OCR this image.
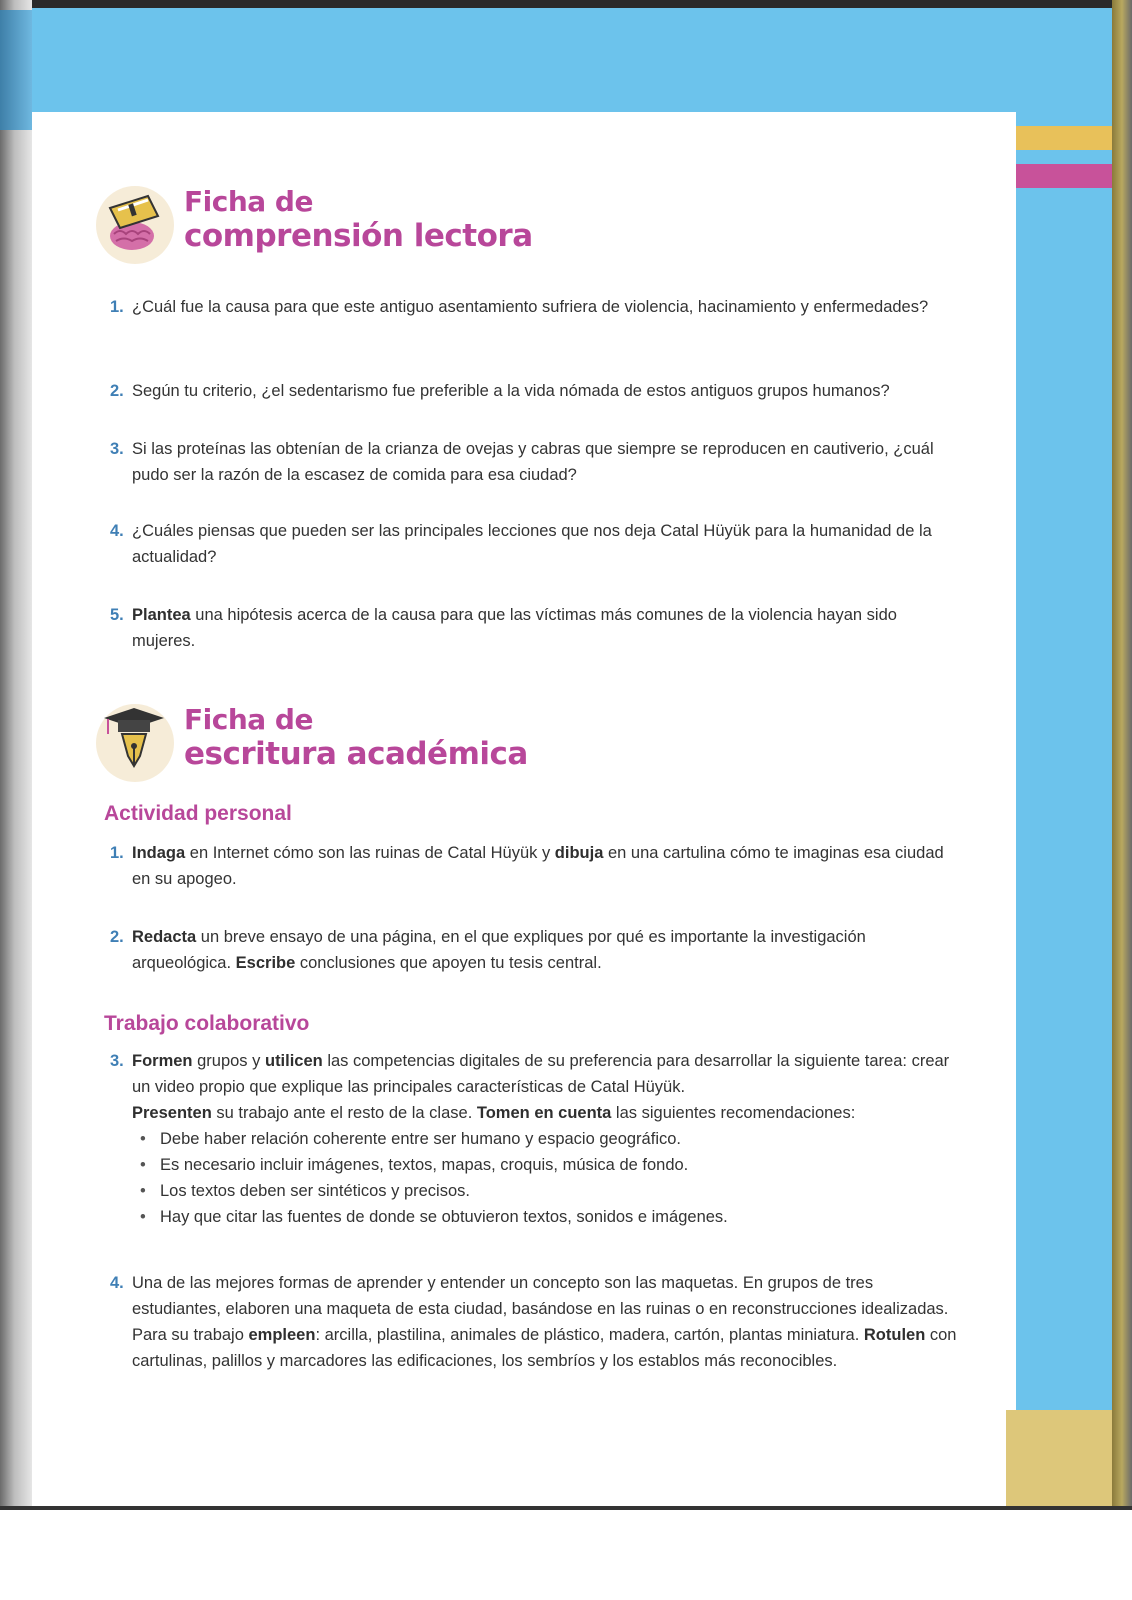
Ficha de
comprensión lectora
1. ¿Cuál fue la causa para que este antiguo asentamiento sufriera de violencia, hacinamiento y enfermedades?
2. Según tu criterio, ¿el sedentarismo fue preferible a la vida nómada de estos antiguos grupos humanos?
3. Si las proteínas las obtenían de la crianza de ovejas y cabras que siempre se reproducen en cautiverio, ¿cuál pudo ser la razón de la escasez de comida para esa ciudad?
4. ¿Cuáles piensas que pueden ser las principales lecciones que nos deja Catal Hüyük para la humanidad de la actualidad?
5. Plantea una hipótesis acerca de la causa para que las víctimas más comunes de la violencia hayan sido mujeres.
Ficha de
escritura académica
Actividad personal
1. Indaga en Internet cómo son las ruinas de Catal Hüyük y dibuja en una cartulina cómo te imaginas esa ciudad en su apogeo.
2. Redacta un breve ensayo de una página, en el que expliques por qué es importante la investigación arqueológica. Escribe conclusiones que apoyen tu tesis central.
Trabajo colaborativo
3. Formen grupos y utilicen las competencias digitales de su preferencia para desarrollar la siguiente tarea: crear un video propio que explique las principales características de Catal Hüyük.
Presenten su trabajo ante el resto de la clase. Tomen en cuenta las siguientes recomendaciones:
• Debe haber relación coherente entre ser humano y espacio geográfico.
• Es necesario incluir imágenes, textos, mapas, croquis, música de fondo.
• Los textos deben ser sintéticos y precisos.
• Hay que citar las fuentes de donde se obtuvieron textos, sonidos e imágenes.
4. Una de las mejores formas de aprender y entender un concepto son las maquetas. En grupos de tres estudiantes, elaboren una maqueta de esta ciudad, basándose en las ruinas o en reconstrucciones idealizadas. Para su trabajo empleen: arcilla, plastilina, animales de plástico, madera, cartón, plantas miniatura. Rotulen con cartulinas, palillos y marcadores las edificaciones, los sembríos y los establos más reconocibles.
